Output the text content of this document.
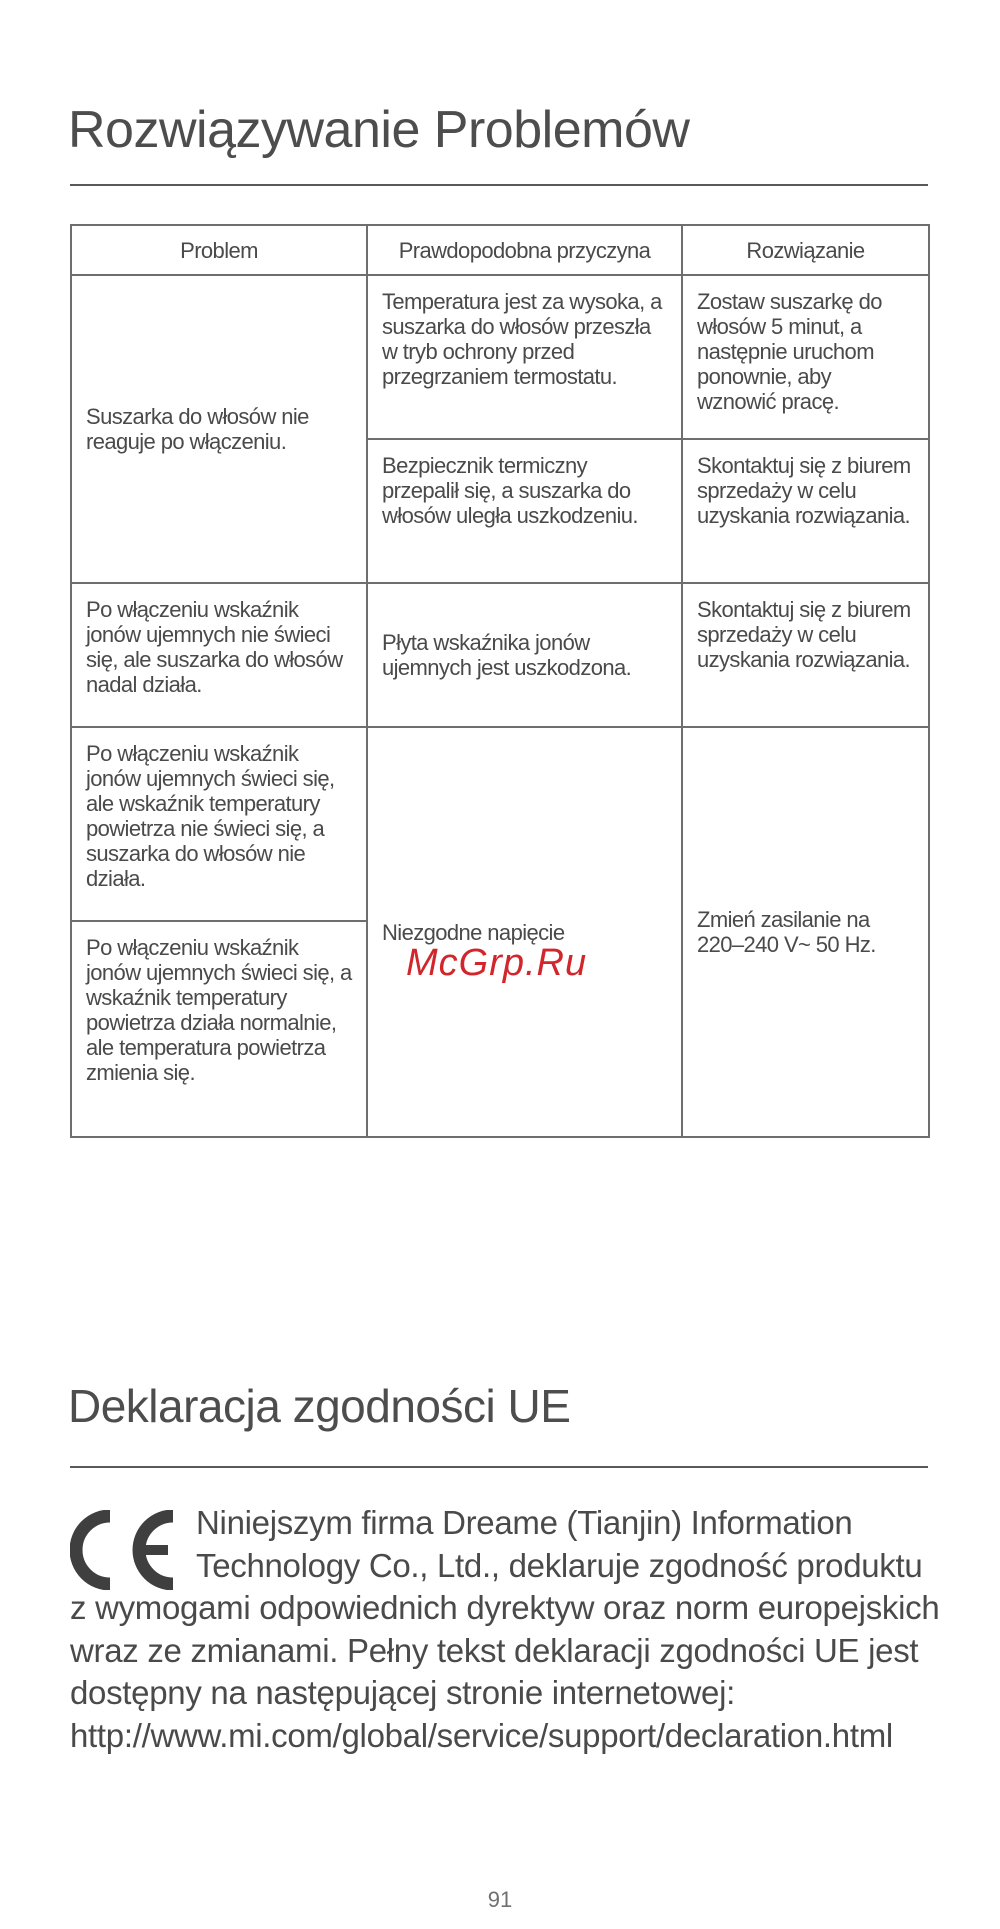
Rozwiązywanie Problemów
Problem	Prawdopodobna przyczyna	Rozwiązanie

Suszarka do włosów nie reaguje po włączeniu.	Temperatura jest za wysoka, a suszarka do włosów przeszła w tryb ochrony przed przegrzaniem termostatu.	Zostaw suszarkę do włosów 5 minut, a następnie uruchom ponownie, aby wznowić pracę.

	Bezpiecznik termiczny przepalił się, a suszarka do włosów uległa uszkodzeniu.	Skontaktuj się z biurem sprzedaży w celu uzyskania rozwiązania.

Po włączeniu wskaźnik jonów ujemnych nie świeci się, ale suszarka do włosów nadal działa.	Płyta wskaźnika jonów ujemnych jest uszkodzona.	Skontaktuj się z biurem sprzedaży w celu uzyskania rozwiązania.

Po włączeniu wskaźnik jonów ujemnych świeci się, ale wskaźnik temperatury powietrza nie świeci się, a suszarka do włosów nie działa.	Niezgodne napięcie	Zmień zasilanie na 220–240 V~ 50 Hz.

Po włączeniu wskaźnik jonów ujemnych świeci się, a wskaźnik temperatury powietrza działa normalnie, ale temperatura powietrza zmienia się.		

McGrp.Ru

Deklaracja zgodności UE

Niniejszym firma Dreame (Tianjin) Information Technology Co., Ltd., deklaruje zgodność produktu z wymogami odpowiednich dyrektyw oraz norm europejskich wraz ze zmianami. Pełny tekst deklaracji zgodności UE jest dostępny na następującej stronie internetowej: http://www.mi.com/global/service/support/declaration.html

91
